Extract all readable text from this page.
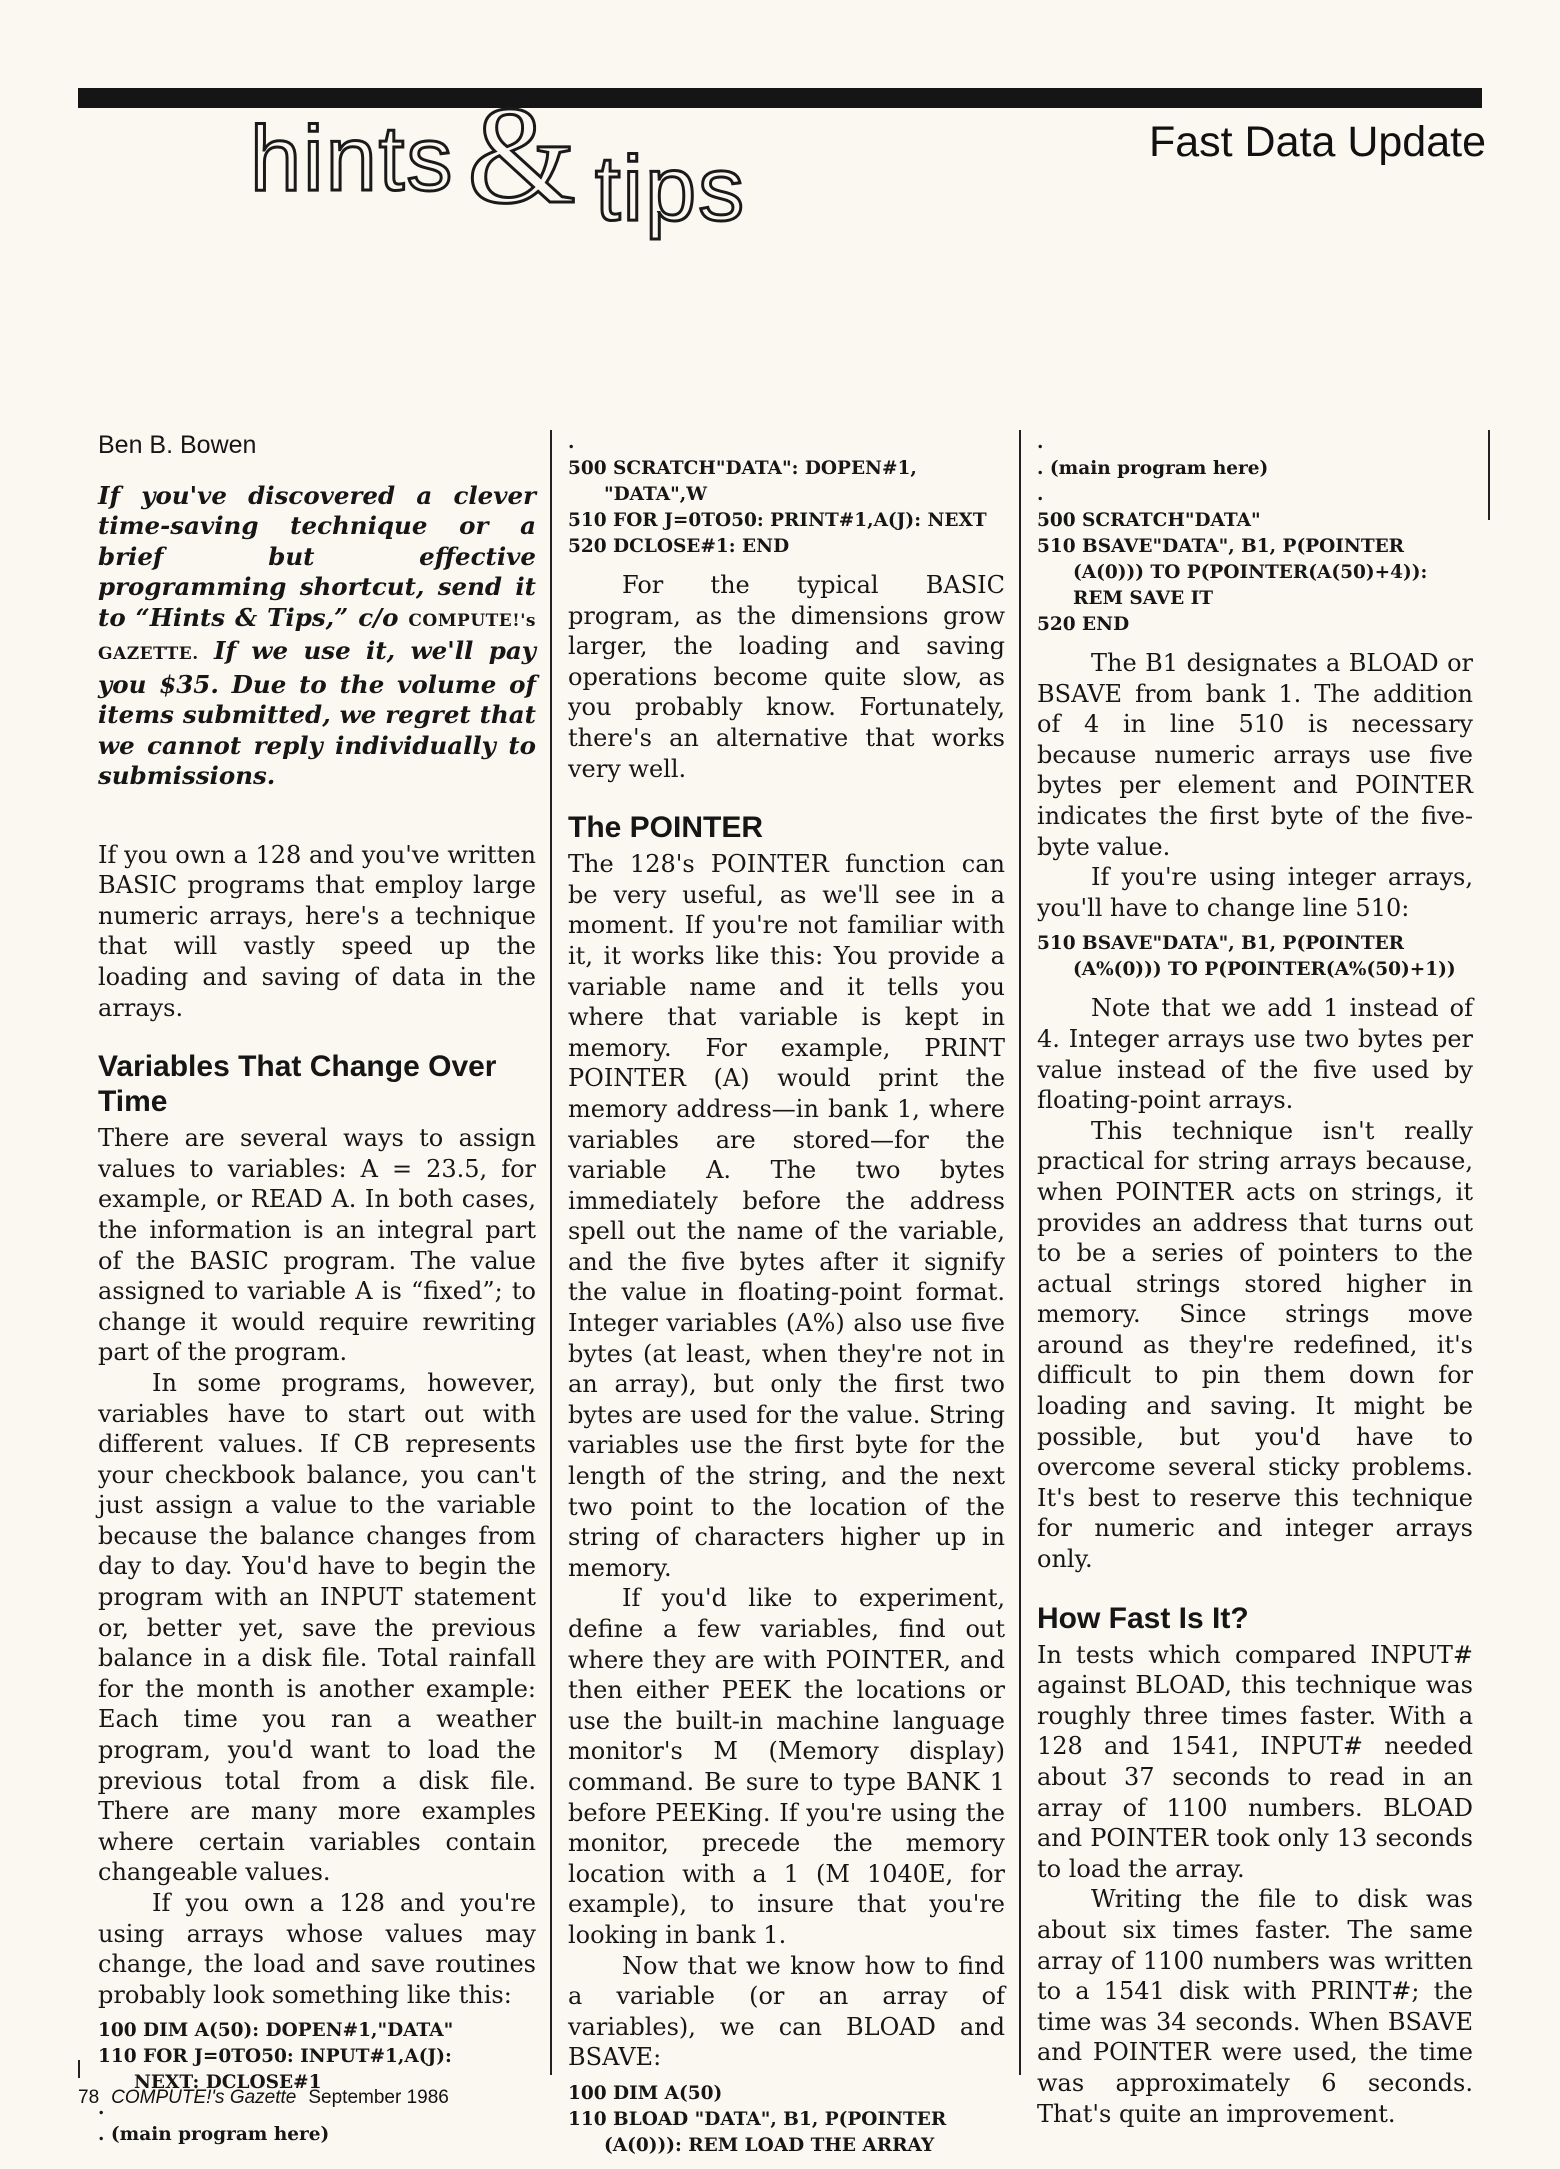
hints & tips	Fast Data Update
Ben B. Bowen
If you've discovered a clever time-saving technique or a brief but effective programming shortcut, send it to “Hints & Tips,” c/o COMPUTE!'s GAZETTE. If we use it, we'll pay you $35. Due to the volume of items submitted, we regret that we cannot reply individually to submissions.

If you own a 128 and you've written BASIC programs that employ large numeric arrays, here's a technique that will vastly speed up the loading and saving of data in the arrays.

Variables That Change Over Time

There are several ways to assign values to variables: A = 23.5, for example, or READ A. In both cases, the information is an integral part of the BASIC program. The value assigned to variable A is “fixed”; to change it would require rewriting part of the program.

In some programs, however, variables have to start out with different values. If CB represents your checkbook balance, you can't just assign a value to the variable because the balance changes from day to day. You'd have to begin the program with an INPUT statement or, better yet, save the previous balance in a disk file. Total rainfall for the month is another example: Each time you ran a weather program, you'd want to load the previous total from a disk file. There are many more examples where certain variables contain changeable values.

If you own a 128 and you're using arrays whose values may change, the load and save routines probably look something like this:

100 DIM A(50): DOPEN#1,"DATA"
110 FOR J=0TO50: INPUT#1,A(J):
NEXT: DCLOSE#1
.
. (main program here)
.
500 SCRATCH"DATA": DOPEN#1,
"DATA",W
510 FOR J=0TO50: PRINT#1,A(J): NEXT
520 DCLOSE#1: END

For the typical BASIC program, as the dimensions grow larger, the loading and saving operations become quite slow, as you probably know. Fortunately, there's an alternative that works very well.

The POINTER

The 128's POINTER function can be very useful, as we'll see in a moment. If you're not familiar with it, it works like this: You provide a variable name and it tells you where that variable is kept in memory. For example, PRINT POINTER (A) would print the memory address—in bank 1, where variables are stored—for the variable A. The two bytes immediately before the address spell out the name of the variable, and the five bytes after it signify the value in floating-point format. Integer variables (A%) also use five bytes (at least, when they're not in an array), but only the first two bytes are used for the value. String variables use the first byte for the length of the string, and the next two point to the location of the string of characters higher up in memory.

If you'd like to experiment, define a few variables, find out where they are with POINTER, and then either PEEK the locations or use the built-in machine language monitor's M (Memory display) command. Be sure to type BANK 1 before PEEKing. If you're using the monitor, precede the memory location with a 1 (M 1040E, for example), to insure that you're looking in bank 1.

Now that we know how to find a variable (or an array of variables), we can BLOAD and BSAVE:

100 DIM A(50)
110 BLOAD "DATA", B1, P(POINTER
(A(0))): REM LOAD THE ARRAY
.
. (main program here)
.
500 SCRATCH"DATA"
510 BSAVE"DATA", B1, P(POINTER
(A(0))) TO P(POINTER(A(50)+4)):
REM SAVE IT
520 END

The B1 designates a BLOAD or BSAVE from bank 1. The addition of 4 in line 510 is necessary because numeric arrays use five bytes per element and POINTER indicates the first byte of the five-byte value.

If you're using integer arrays, you'll have to change line 510:

510 BSAVE"DATA", B1, P(POINTER
(A%(0))) TO P(POINTER(A%(50)+1))

Note that we add 1 instead of 4. Integer arrays use two bytes per value instead of the five used by floating-point arrays.

This technique isn't really practical for string arrays because, when POINTER acts on strings, it provides an address that turns out to be a series of pointers to the actual strings stored higher in memory. Since strings move around as they're redefined, it's difficult to pin them down for loading and saving. It might be possible, but you'd have to overcome several sticky problems. It's best to reserve this technique for numeric and integer arrays only.

How Fast Is It?

In tests which compared INPUT# against BLOAD, this technique was roughly three times faster. With a 128 and 1541, INPUT# needed about 37 seconds to read in an array of 1100 numbers. BLOAD and POINTER took only 13 seconds to load the array.

Writing the file to disk was about six times faster. The same array of 1100 numbers was written to a 1541 disk with PRINT#; the time was 34 seconds. When BSAVE and POINTER were used, the time was approximately 6 seconds. That's quite an improvement.

78 COMPUTE!'s Gazette September 1986
